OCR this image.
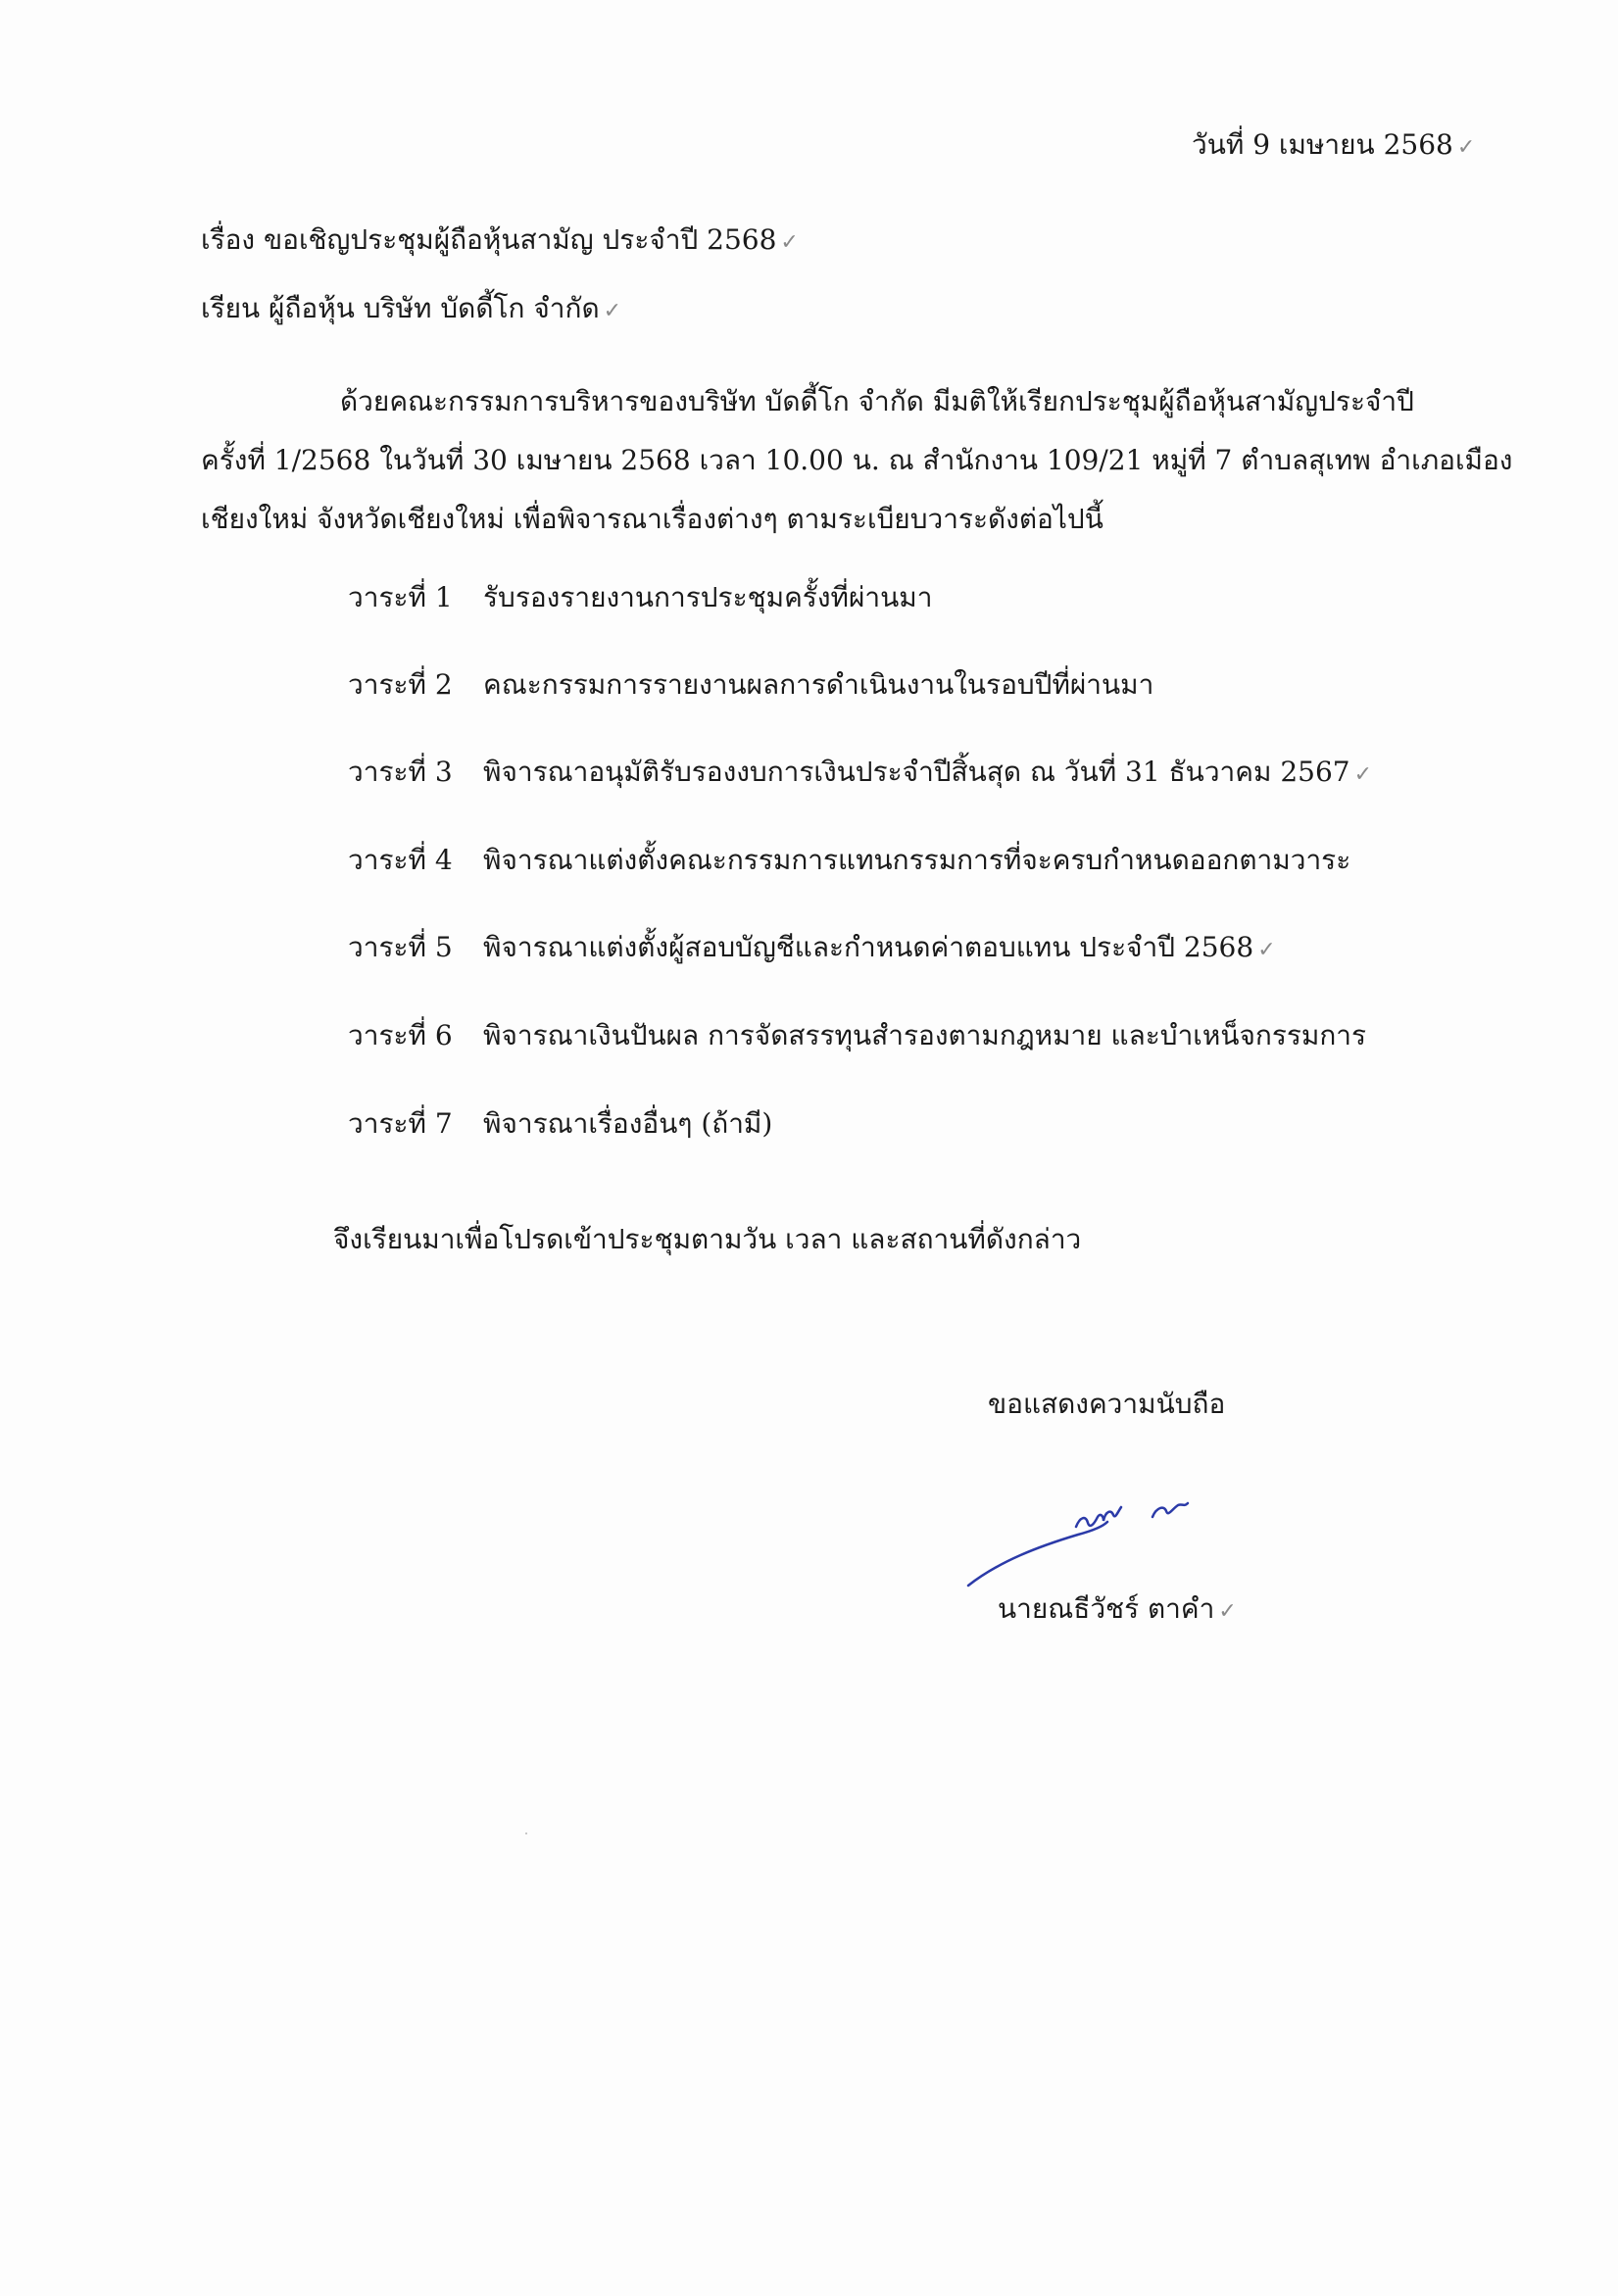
วันที่ 9 เมษายน 2568 ✓
เรื่อง ขอเชิญประชุมผู้ถือหุ้นสามัญ ประจำปี 2568 ✓
เรียน ผู้ถือหุ้น บริษัท บัดดี้โก จำกัด ✓
ด้วยคณะกรรมการบริหารของบริษัท บัดดี้โก จำกัด มีมติให้เรียกประชุมผู้ถือหุ้นสามัญประจำปี
ครั้งที่ 1/2568 ในวันที่ 30 เมษายน 2568 เวลา 10.00 น. ณ สำนักงาน 109/21 หมู่ที่ 7 ตำบลสุเทพ อำเภอเมือง
เชียงใหม่ จังหวัดเชียงใหม่ เพื่อพิจารณาเรื่องต่างๆ ตามระเบียบวาระดังต่อไปนี้
วาระที่ 1 รับรองรายงานการประชุมครั้งที่ผ่านมา
วาระที่ 2 คณะกรรมการรายงานผลการดำเนินงานในรอบปีที่ผ่านมา
วาระที่ 3 พิจารณาอนุมัติรับรองงบการเงินประจำปีสิ้นสุด ณ วันที่ 31 ธันวาคม 2567 ✓
วาระที่ 4 พิจารณาแต่งตั้งคณะกรรมการแทนกรรมการที่จะครบกำหนดออกตามวาระ
วาระที่ 5 พิจารณาแต่งตั้งผู้สอบบัญชีและกำหนดค่าตอบแทน ประจำปี 2568 ✓
วาระที่ 6 พิจารณาเงินปันผล การจัดสรรทุนสำรองตามกฎหมาย และบำเหน็จกรรมการ
วาระที่ 7 พิจารณาเรื่องอื่นๆ (ถ้ามี)
จึงเรียนมาเพื่อโปรดเข้าประชุมตามวัน เวลา และสถานที่ดังกล่าว
ขอแสดงความนับถือ
นายณธีวัชร์ ตาคำ ✓
